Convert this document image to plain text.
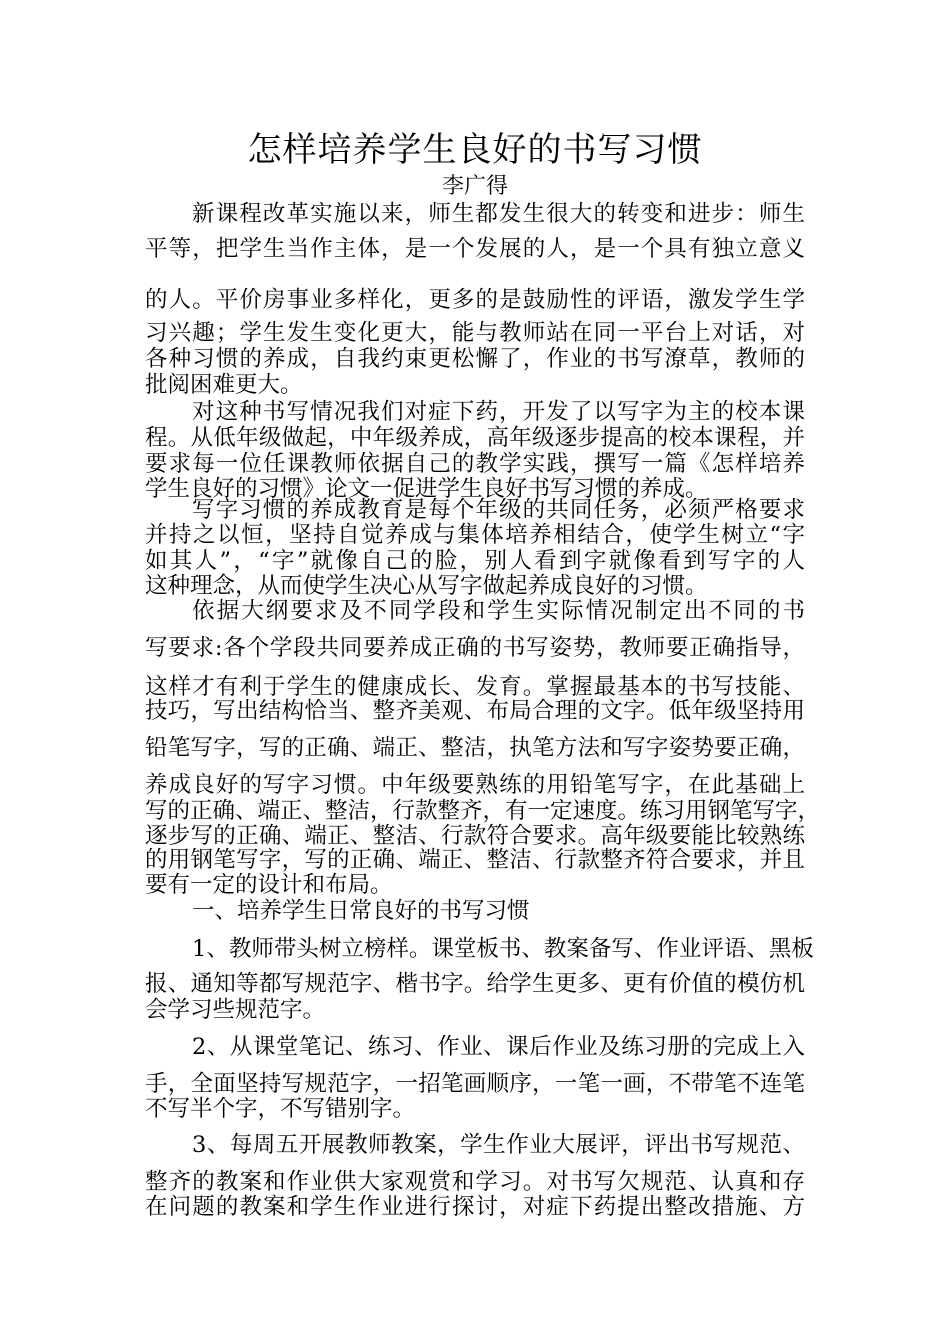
怎样培养学生良好的书写习惯
李广得
新课程改革实施以来，师生都发生很大的转变和进步：师生
平等，把学生当作主体，是一个发展的人，是一个具有独立意义
的人。平价房事业多样化，更多的是鼓励性的评语，激发学生学
习兴趣；学生发生变化更大，能与教师站在同一平台上对话，对
各种习惯的养成，自我约束更松懈了，作业的书写潦草，教师的
批阅困难更大。
对这种书写情况我们对症下药，开发了以写字为主的校本课
程。从低年级做起，中年级养成，高年级逐步提高的校本课程，并
要求每一位任课教师依据自己的教学实践，撰写一篇《怎样培养
学生良好的习惯》论文一促进学生良好书写习惯的养成。
写字习惯的养成教育是每个年级的共同任务，必须严格要求
并持之以恒，坚持自觉养成与集体培养相结合，使学生树立“字
如其人”，“字”就像自己的脸，别人看到字就像看到写字的人
这种理念，从而使学生决心从写字做起养成良好的习惯。
依据大纲要求及不同学段和学生实际情况制定出不同的书
写要求:各个学段共同要养成正确的书写姿势，教师要正确指导，
这样才有利于学生的健康成长、发育。掌握最基本的书写技能、
技巧，写出结构恰当、整齐美观、布局合理的文字。低年级坚持用
铅笔写字，写的正确、端正、整洁，执笔方法和写字姿势要正确，
养成良好的写字习惯。中年级要熟练的用铅笔写字，在此基础上
写的正确、端正、整洁，行款整齐，有一定速度。练习用钢笔写字，
逐步写的正确、端正、整洁、行款符合要求。高年级要能比较熟练
的用钢笔写字，写的正确、端正、整洁、行款整齐符合要求，并且
要有一定的设计和布局。
一、培养学生日常良好的书写习惯
1、教师带头树立榜样。课堂板书、教案备写、作业评语、黑板
报、通知等都写规范字、楷书字。给学生更多、更有价值的模仿机
会学习些规范字。
2、从课堂笔记、练习、作业、课后作业及练习册的完成上入
手，全面坚持写规范字，一招笔画顺序，一笔一画，不带笔不连笔
不写半个字，不写错别字。
3、每周五开展教师教案，学生作业大展评，评出书写规范、
整齐的教案和作业供大家观赏和学习。对书写欠规范、认真和存
在问题的教案和学生作业进行探讨，对症下药提出整改措施、方
